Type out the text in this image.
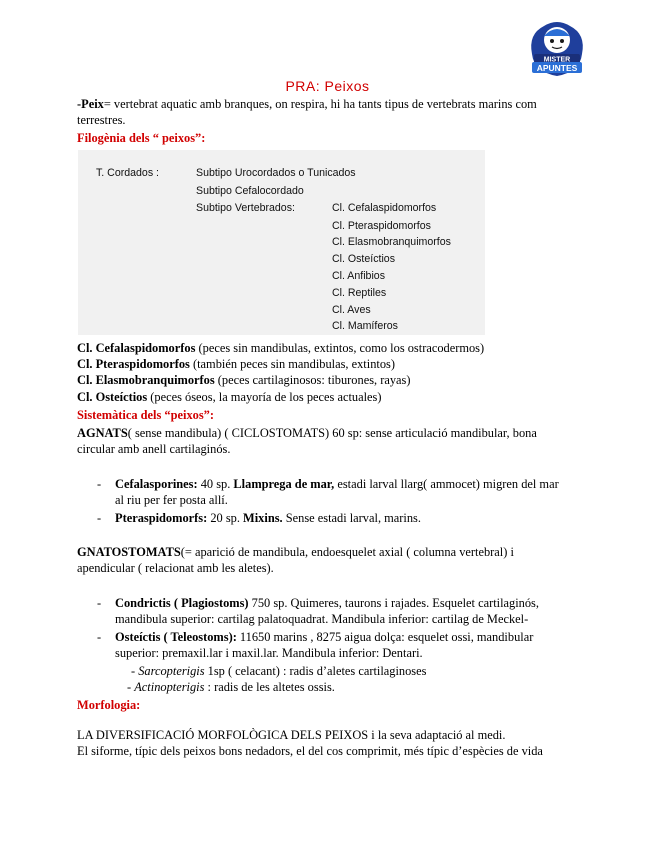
MISTER
APUNTES
PRA: Peixos

-Peix= vertebrat aquatic amb branques, on respira, hi ha tants tipus de vertebrats marins com

terrestres.

Filogènia dels “ peixos”:

Cl. Cefalaspidomorfos (peces sin mandibulas, extintos, como los ostracodermos)

Cl. Pteraspidomorfos (también peces sin mandibulas, extintos)

Cl. Elasmobranquimorfos (peces cartilaginosos: tiburones, rayas)

Cl. Osteíctios (peces óseos, la mayoría de los peces actuales)

Sistemàtica dels “peixos”:

AGNATS( sense mandibula) ( CICLOSTOMATS) 60 sp: sense articulació mandibular, bona

circular amb anell cartilaginós.

- Cefalasporines: 40 sp. Llamprega de mar, estadi larval llarg( ammocet) migren del mar

al riu per fer posta allí.

- Pteraspidomorfs: 20 sp. Mixins. Sense estadi larval, marins.

GNATOSTOMATS(= aparició de mandibula, endoesquelet axial ( columna vertebral) i

apendicular ( relacionat amb les aletes).

- Condrictis ( Plagiostoms) 750 sp. Quimeres, taurons i rajades. Esquelet cartilaginós,

mandibula superior: cartilag palatoquadrat. Mandibula inferior: cartilag de Meckel-

- Osteíctis ( Teleostoms): 11650 marins , 8275 aigua dolça: esquelet ossi, mandibular

superior: premaxil.lar i maxil.lar. Mandibula inferior: Dentari.

- Sarcopterigis 1sp ( celacant) : radis d’aletes cartilaginoses

- Actinopterigis : radis de les altetes ossis.

Morfologia:

LA DIVERSIFICACIÓ MORFOLÒGICA DELS PEIXOS i la seva adaptació al medi.

El siforme, típic dels peixos bons nedadors, el del cos comprimit, més típic d’espècies de vida

T. Cordados :	Subtipo Urocordados o Tunicados
Subtipo Cefalocordado
Subtipo Vertebrados:	Cl. Cefalaspidomorfos
Cl. Pteraspidomorfos
Cl. Elasmobranquimorfos
Cl. Osteíctios
Cl. Anfibios
Cl. Reptiles
Cl. Aves
Cl. Mamíferos
